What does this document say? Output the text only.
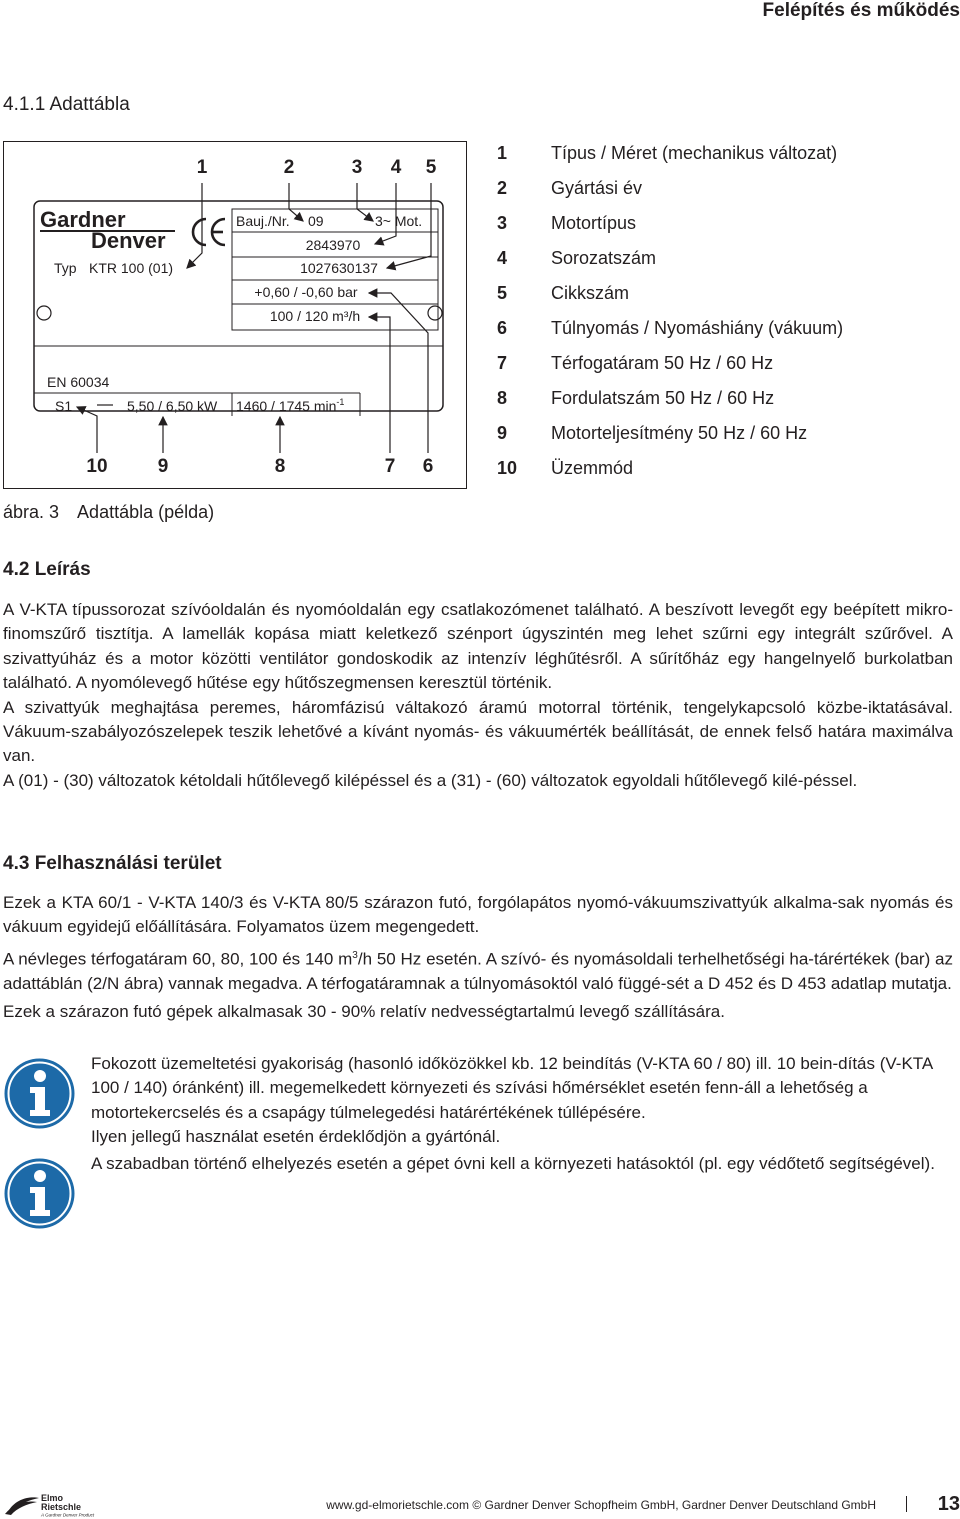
Felépítés és működés
4.1.1 Adattábla
1	2	3 4 5
10	9	8	7 6
Gardner
Denver
Typ KTR 100 (01)
Bauj./Nr. 09	3~ Mot.
2843970
1027630137
+0,60 / -0,60 bar
100 / 120 m³/h
EN 60034
S1	5,50 / 6,50 kW 1460 / 1745 $\min^{-1}$
1	Típus / Méret (mechanikus változat)
2	Gyártási év
3	Motortípus
4	Sorozatszám
5	Cikkszám
6	Túlnyomás / Nyomáshiány (vákuum)
7	Térfogatáram 50 Hz / 60 Hz
8	Fordulatszám 50 Hz / 60 Hz
9	Motorteljesítmény 50 Hz / 60 Hz
10	Üzemmód
ábra. 3 Adattábla (példa)
4.2 Leírás

A V-KTA típussorozat szívóoldalán és nyomóoldalán egy csatlakozómenet található. A beszívott levegőt egy beépített mikro-finomszűrő tisztítja. A lamellák kopása miatt keletkező szénport úgyszintén meg lehet szűrni egy integrált szűrővel. A szivattyúház és a motor közötti ventilátor gondoskodik az intenzív léghűtésről. A sűrítőház egy hangelnyelő burkolatban található. A nyomólevegő hűtése egy hűtőszegmensen keresztül történik.

A szivattyúk meghajtása peremes, háromfázisú váltakozó áramú motorral történik, tengelykapcsoló közbe-iktatásával. Vákuum-szabályozószelepek teszik lehetővé a kívánt nyomás- és vákuumérték beállítását, de ennek felső határa maximálva van.

A (01) - (30) változatok kétoldali hűtőlevegő kilépéssel és a (31) - (60) változatok egyoldali hűtőlevegő kilé-péssel.

4.3 Felhasználási terület

Ezek a KTA 60/1 - V-KTA 140/3 és V-KTA 80/5 szárazon futó, forgólapátos nyomó-vákuumszivattyúk alkalma-sak nyomás és vákuum egyidejű előállítására. Folyamatos üzem megengedett.

A névleges térfogatáram 60, 80, 100 és 140 $m^3/h$ 50 Hz esetén. A szívó- és nyomásoldali terhelhetőségi ha-tárértékek (bar) az adattáblán (2/N ábra) vannak megadva. A térfogatáramnak a túlnyomásoktól való függé-sét a D 452 és D 453 adatlap mutatja.

Ezek a szárazon futó gépek alkalmasak 30 - 90% relatív nedvességtartalmú levegő szállítására.

Fokozott üzemeltetési gyakoriság (hasonló időközökkel kb. 12 beindítás (V-KTA 60 / 80) ill. 10 bein-dítás (V-KTA 100 / 140) óránként) ill. megemelkedett környezeti és szívási hőmérséklet esetén fenn-áll a lehetőség a motortekercselés és a csapágy túlmelegedési határértékének túllépésére.

Ilyen jellegű használat esetén érdeklődjön a gyártónál.

A szabadban történő elhelyezés esetén a gépet óvni kell a környezeti hatásoktól (pl. egy védőtető segítségével).

Elmo
Rietschle
A Gardner Denver Product
www.gd-elmorietschle.com © Gardner Denver Schopfheim GmbH, Gardner Denver Deutschland GmbH	13
